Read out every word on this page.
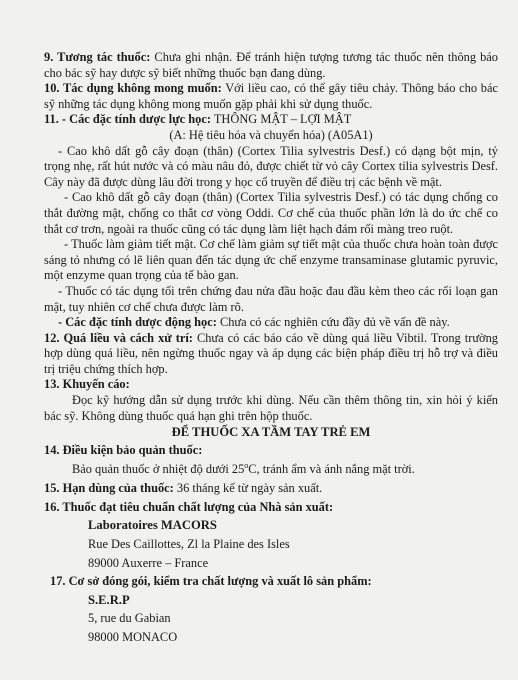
9. Tương tác thuốc: Chưa ghi nhận. Để tránh hiện tượng tương tác thuốc nên thông báo cho bác sỹ hay dược sỹ biết những thuốc bạn đang dùng.

10. Tác dụng không mong muốn: Với liều cao, có thể gây tiêu chảy. Thông báo cho bác sỹ những tác dụng không mong muốn gặp phải khi sử dụng thuốc.

11. - Các đặc tính dược lực học: THÔNG MẬT – LỢI MẬT

(A: Hệ tiêu hóa và chuyển hóa) (A05A1)

- Cao khô dất gỗ cây đoạn (thân) (Cortex Tilia sylvestris Desf.) có dạng bột mịn, tỷ trọng nhẹ, rất hút nước và có màu nâu đỏ, được chiết từ vỏ cây Cortex tilia sylvestris Desf. Cây này đã được dùng lâu đời trong y học cổ truyền để điều trị các bệnh về mật.

- Cao khô dất gỗ cây đoạn (thân) (Cortex Tilia sylvestris Desf.) có tác dụng chống co thắt đường mật, chống co thắt cơ vòng Oddi. Cơ chế của thuốc phần lớn là do ức chế co thắt cơ trơn, ngoài ra thuốc cũng có tác dụng làm liệt hạch đám rối màng treo ruột.

- Thuốc làm giảm tiết mật. Cơ chế làm giảm sự tiết mật của thuốc chưa hoàn toàn được sáng tỏ nhưng có lẽ liên quan đến tác dụng ức chế enzyme transaminase glutamic pyruvic, một enzyme quan trọng của tế bào gan.

- Thuốc có tác dụng tối trên chứng đau nửa đầu hoặc đau đầu kèm theo các rối loạn gan mật, tuy nhiên cơ chế chưa được làm rõ.

- Các đặc tính dược động học: Chưa có các nghiên cứu đầy đủ về vấn đề này.

12. Quá liều và cách xử trí: Chưa có các báo cáo về dùng quá liều Vibtil. Trong trường hợp dùng quá liều, nên ngừng thuốc ngay và áp dụng các biện pháp điều trị hỗ trợ và điều trị triệu chứng thích hợp.

13. Khuyến cáo:

Đọc kỹ hướng dẫn sử dụng trước khi dùng. Nếu cần thêm thông tin, xin hỏi ý kiến bác sỹ. Không dùng thuốc quá hạn ghi trên hộp thuốc.

ĐỂ THUỐC XA TẦM TAY TRẺ EM

14. Điều kiện bảo quản thuốc:

Bảo quản thuốc ở nhiệt độ dưới 25$^o$C, tránh ẩm và ánh nắng mặt trời.

15. Hạn dùng của thuốc: 36 tháng kể từ ngày sản xuất.

16. Thuốc đạt tiêu chuẩn chất lượng của Nhà sản xuất:

Laboratoires MACORS

Rue Des Caillottes, Zl la Plaine des Isles

89000 Auxerre – France

17. Cơ sở đóng gói, kiểm tra chất lượng và xuất lô sản phẩm:

S.E.R.P

5, rue du Gabian

98000 MONACO
